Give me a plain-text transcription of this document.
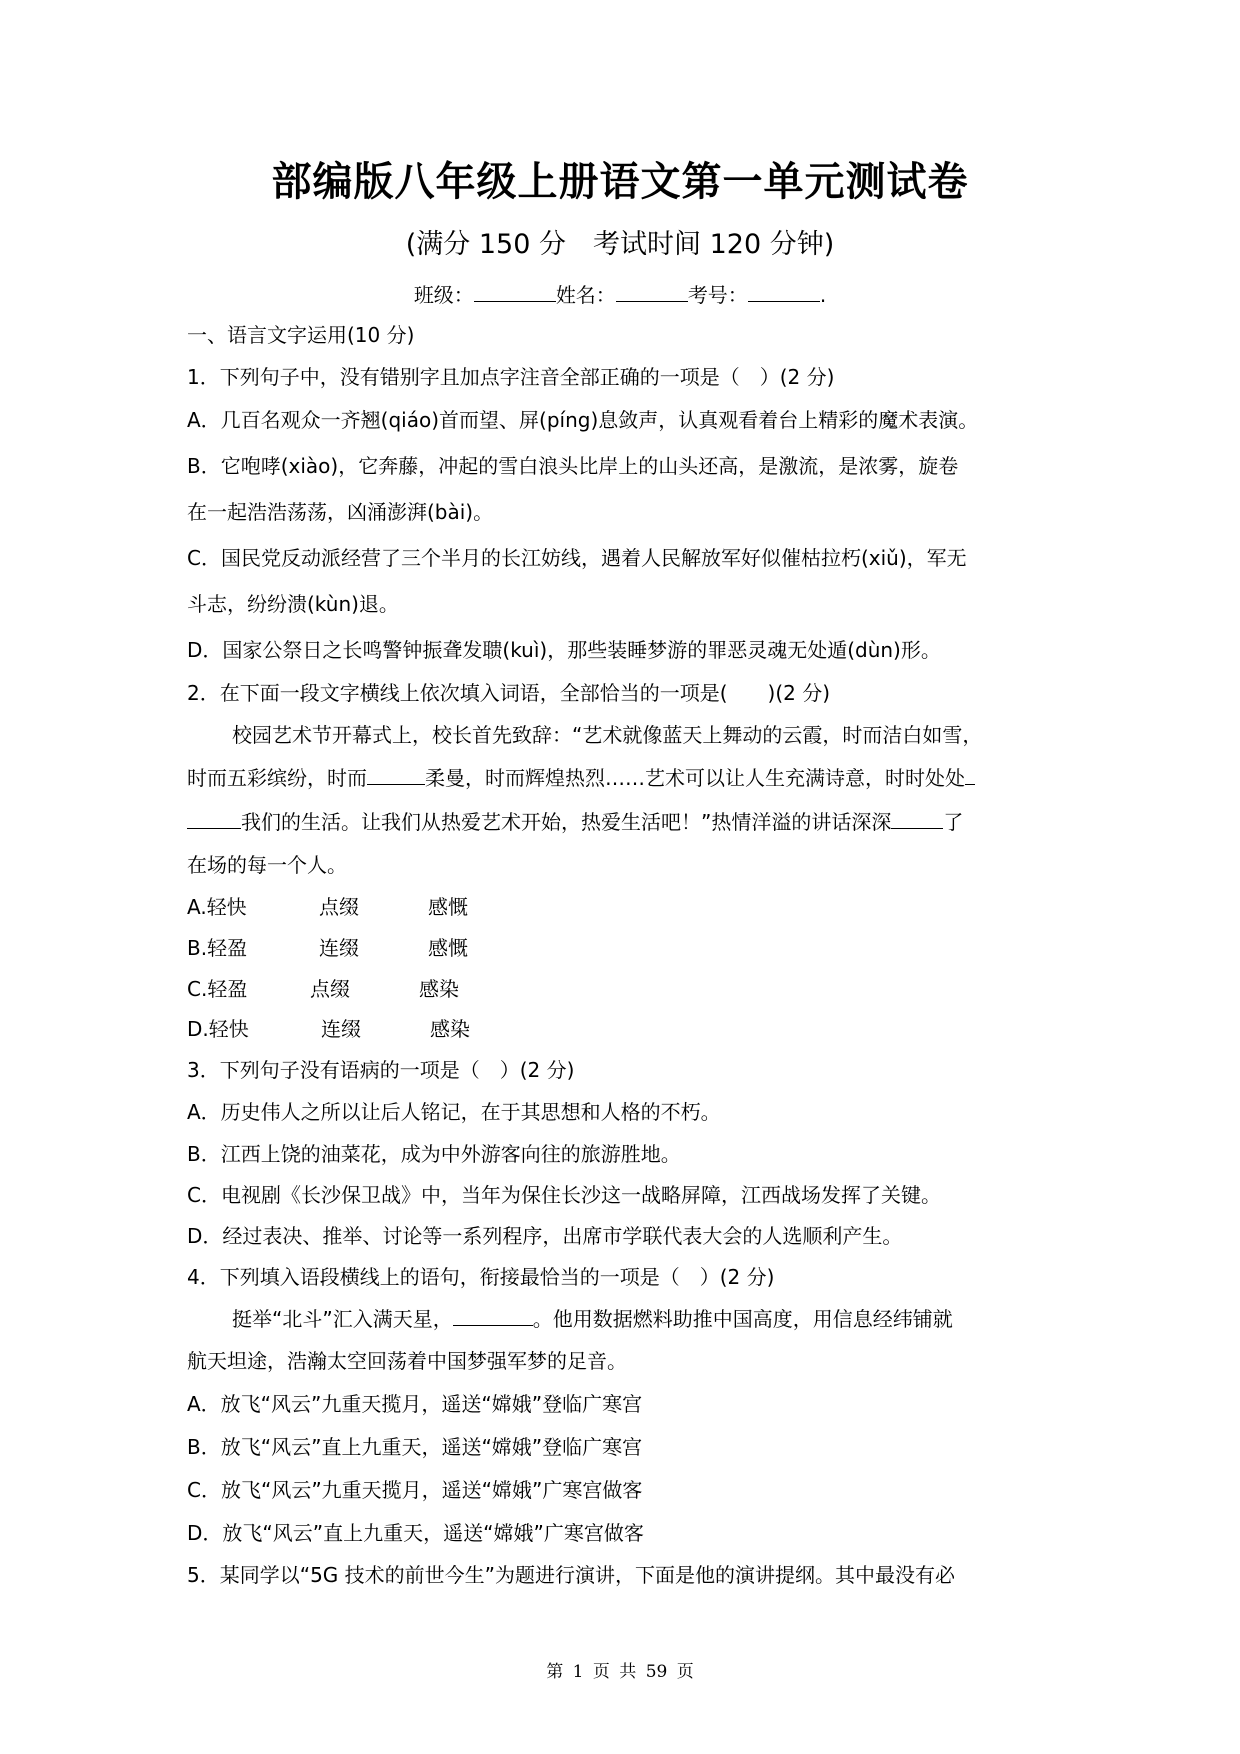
部编版八年级上册语文第一单元测试卷
(满分 150 分　考试时间 120 分钟)
班级：	姓名：	考号：	.
一、语言文字运用(10 分)
1．下列句子中，没有错别字且加点字注音全部正确的一项是（　）(2 分)
A．几百名观众一齐翘(qiáo)首而望、屏(píng)息敛声，认真观看着台上精彩的魔术表演。
B．它咆哮(xiào)，它奔藤，冲起的雪白浪头比岸上的山头还高，是激流，是浓雾，旋卷
在一起浩浩荡荡，凶涌澎湃(bài)。
C．国民党反动派经营了三个半月的长江妨线，遇着人民解放军好似催枯拉朽(xiǔ)，军无
斗志，纷纷溃(kùn)退。
D．国家公祭日之长鸣警钟振聋发聩(kuì)，那些装睡梦游的罪恶灵魂无处遁(dùn)形。
2．在下面一段文字横线上依次填入词语，全部恰当的一项是(　　)(2 分)
校园艺术节开幕式上，校长首先致辞：“艺术就像蓝天上舞动的云霞，时而洁白如雪，
时而五彩缤纷，时而	柔曼，时而辉煌热烈……艺术可以让人生充满诗意，时时处处
我们的生活。让我们从热爱艺术开始，热爱生活吧！”热情洋溢的讲话深深	了
在场的每一个人。
A.轻快	点缀	感慨
B.轻盈	连缀	感慨
C.轻盈	点缀	感染
D.轻快	连缀	感染
3．下列句子没有语病的一项是（　）(2 分)
A．历史伟人之所以让后人铭记，在于其思想和人格的不朽。
B．江西上饶的油菜花，成为中外游客向往的旅游胜地。
C．电视剧《长沙保卫战》中，当年为保住长沙这一战略屏障，江西战场发挥了关键。
D．经过表决、推举、讨论等一系列程序，出席市学联代表大会的人选顺利产生。
4．下列填入语段横线上的语句，衔接最恰当的一项是（　）(2 分)
挺举“北斗”汇入满天星，	。他用数据燃料助推中国高度，用信息经纬铺就
航天坦途，浩瀚太空回荡着中国梦强军梦的足音。
A．放飞“风云”九重天揽月，遥送“嫦娥”登临广寒宫
B．放飞“风云”直上九重天，遥送“嫦娥”登临广寒宫
C．放飞“风云”九重天揽月，遥送“嫦娥”广寒宫做客
D．放飞“风云”直上九重天，遥送“嫦娥”广寒宫做客
5．某同学以“5G 技术的前世今生”为题进行演讲，下面是他的演讲提纲。其中最没有必
第 1 页 共 59 页
